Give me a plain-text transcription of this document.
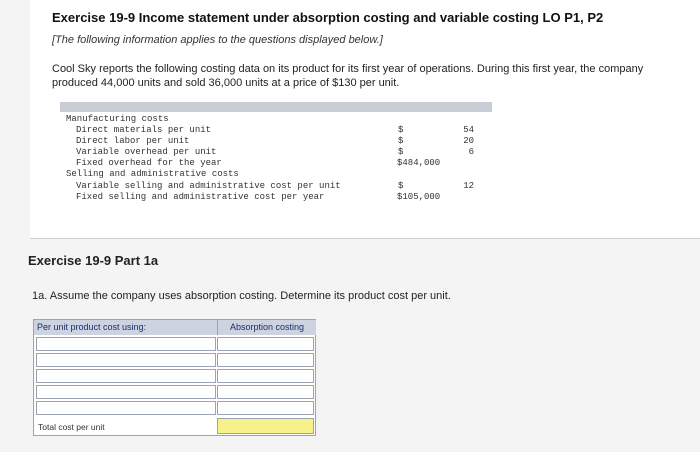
Exercise 19-9 Income statement under absorption costing and variable costing LO P1, P2
[The following information applies to the questions displayed below.]
Cool Sky reports the following costing data on its product for its first year of operations. During this first year, the company produced 44,000 units and sold 36,000 units at a price of $130 per unit.
Manufacturing costs
Direct materials per unit	$	54
Direct labor per unit	$	20
Variable overhead per unit	$	6
Fixed overhead for the year	$484,000
Selling and administrative costs
Variable selling and administrative cost per unit	$	12
Fixed selling and administrative cost per year	$105,000
Exercise 19-9 Part 1a
1a. Assume the company uses absorption costing. Determine its product cost per unit.
Per unit product cost using:	Absorption costing
Total cost per unit
